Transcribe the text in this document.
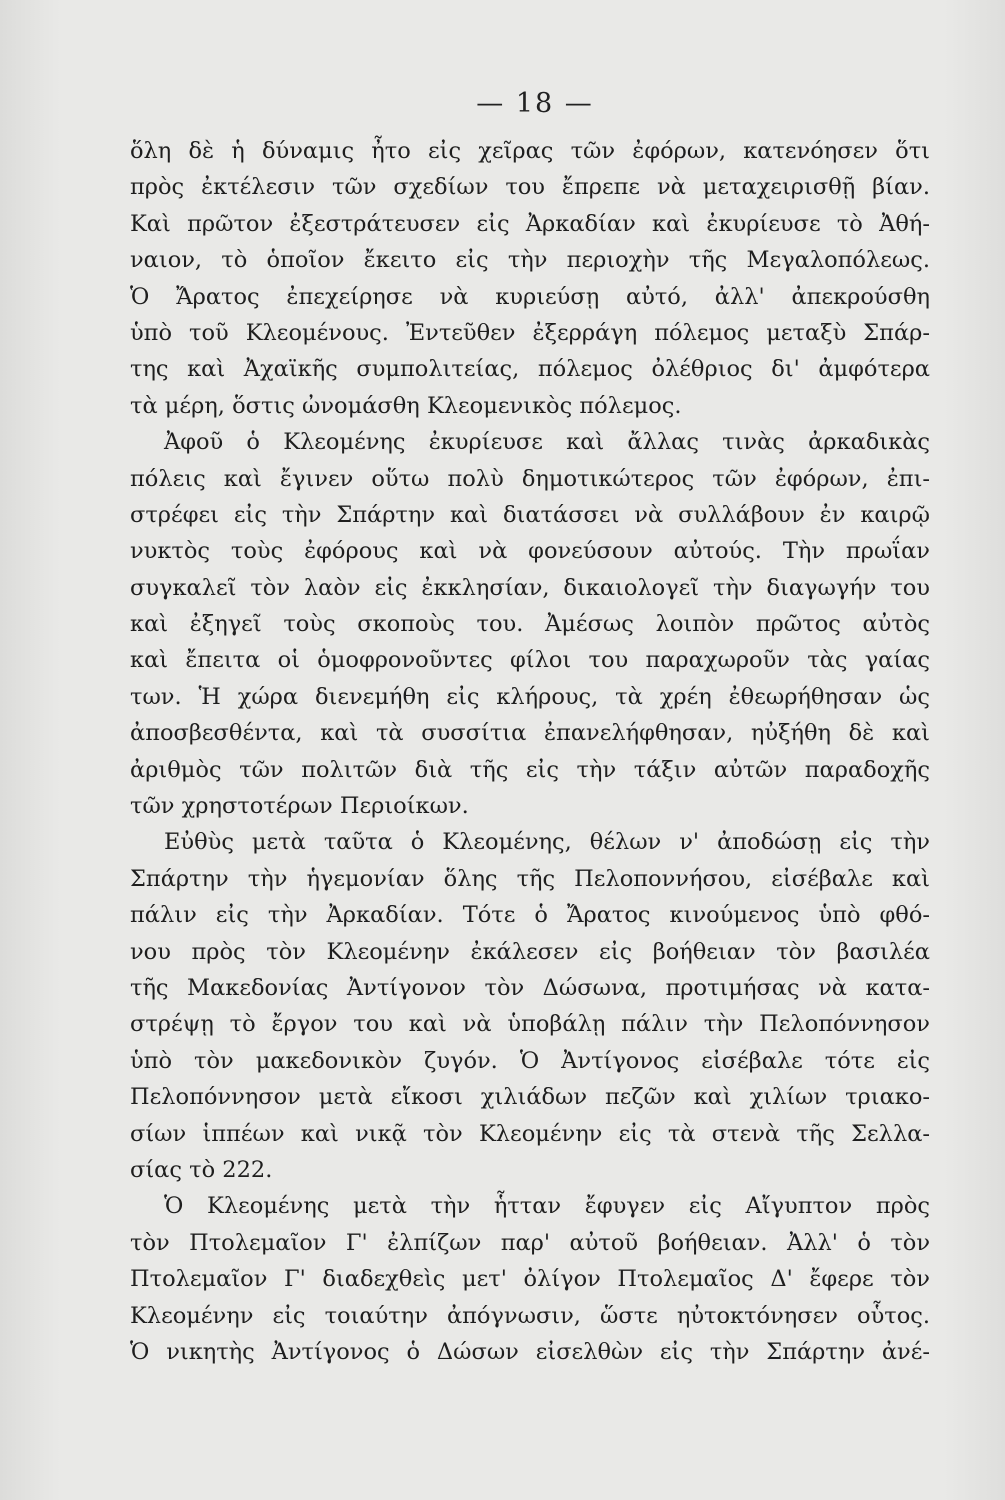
— 18 —
ὅλη δὲ ἡ δύναμις ἦτο εἰς χεῖρας τῶν ἐφόρων, κατενόησεν ὅτι
πρὸς ἐκτέλεσιν τῶν σχεδίων του ἔπρεπε νὰ μεταχειρισθῇ βίαν.
Καὶ πρῶτον ἐξεστράτευσεν εἰς Ἀρκαδίαν καὶ ἐκυρίευσε τὸ Ἀθή-
ναιον, τὸ ὁποῖον ἔκειτο εἰς τὴν περιοχὴν τῆς Μεγαλοπόλεως.
Ὁ Ἄρατος ἐπεχείρησε νὰ κυριεύσῃ αὐτό, ἀλλ' ἀπεκρούσθη
ὑπὸ τοῦ Κλεομένους. Ἐντεῦθεν ἐξερράγη πόλεμος μεταξὺ Σπάρ-
της καὶ Ἀχαϊκῆς συμπολιτείας, πόλεμος ὀλέθριος δι' ἀμφότερα
τὰ μέρη, ὅστις ὠνομάσθη Κλεομενικὸς πόλεμος.
Ἀφοῦ ὁ Κλεομένης ἐκυρίευσε καὶ ἄλλας τινὰς ἀρκαδικὰς
πόλεις καὶ ἔγινεν οὕτω πολὺ δημοτικώτερος τῶν ἐφόρων, ἐπι-
στρέφει εἰς τὴν Σπάρτην καὶ διατάσσει νὰ συλλάβουν ἐν καιρῷ
νυκτὸς τοὺς ἐφόρους καὶ νὰ φονεύσουν αὐτούς. Τὴν πρωΐαν
συγκαλεῖ τὸν λαὸν εἰς ἐκκλησίαν, δικαιολογεῖ τὴν διαγωγήν του
καὶ ἐξηγεῖ τοὺς σκοποὺς του. Ἀμέσως λοιπὸν πρῶτος αὐτὸς
καὶ ἔπειτα οἱ ὁμοφρονοῦντες φίλοι του παραχωροῦν τὰς γαίας
των. Ἡ χώρα διενεμήθη εἰς κλήρους, τὰ χρέη ἐθεωρήθησαν ὡς
ἀποσβεσθέντα, καὶ τὰ συσσίτια ἐπανελήφθησαν, ηὐξήθη δὲ καὶ
ἀριθμὸς τῶν πολιτῶν διὰ τῆς εἰς τὴν τάξιν αὐτῶν παραδοχῆς
τῶν χρηστοτέρων Περιοίκων.
Εὐθὺς μετὰ ταῦτα ὁ Κλεομένης, θέλων ν' ἀποδώσῃ εἰς τὴν
Σπάρτην τὴν ἡγεμονίαν ὅλης τῆς Πελοποννήσου, εἰσέβαλε καὶ
πάλιν εἰς τὴν Ἀρκαδίαν. Τότε ὁ Ἄρατος κινούμενος ὑπὸ φθό-
νου πρὸς τὸν Κλεομένην ἐκάλεσεν εἰς βοήθειαν τὸν βασιλέα
τῆς Μακεδονίας Ἀντίγονον τὸν Δώσωνα, προτιμήσας νὰ κατα-
στρέψῃ τὸ ἔργον του καὶ νὰ ὑποβάλῃ πάλιν τὴν Πελοπόννησον
ὑπὸ τὸν μακεδονικὸν ζυγόν. Ὁ Ἀντίγονος εἰσέβαλε τότε εἰς
Πελοπόννησον μετὰ εἴκοσι χιλιάδων πεζῶν καὶ χιλίων τριακο-
σίων ἱππέων καὶ νικᾷ τὸν Κλεομένην εἰς τὰ στενὰ τῆς Σελλα-
σίας τὸ 222.
Ὁ Κλεομένης μετὰ τὴν ἧτταν ἔφυγεν εἰς Αἴγυπτον πρὸς
τὸν Πτολεμαῖον Γ' ἐλπίζων παρ' αὐτοῦ βοήθειαν. Ἀλλ' ὁ τὸν
Πτολεμαῖον Γ' διαδεχθεὶς μετ' ὀλίγον Πτολεμαῖος Δ' ἔφερε τὸν
Κλεομένην εἰς τοιαύτην ἀπόγνωσιν, ὥστε ηὐτοκτόνησεν οὗτος.
Ὁ νικητὴς Ἀντίγονος ὁ Δώσων εἰσελθὼν εἰς τὴν Σπάρτην ἀνέ-
